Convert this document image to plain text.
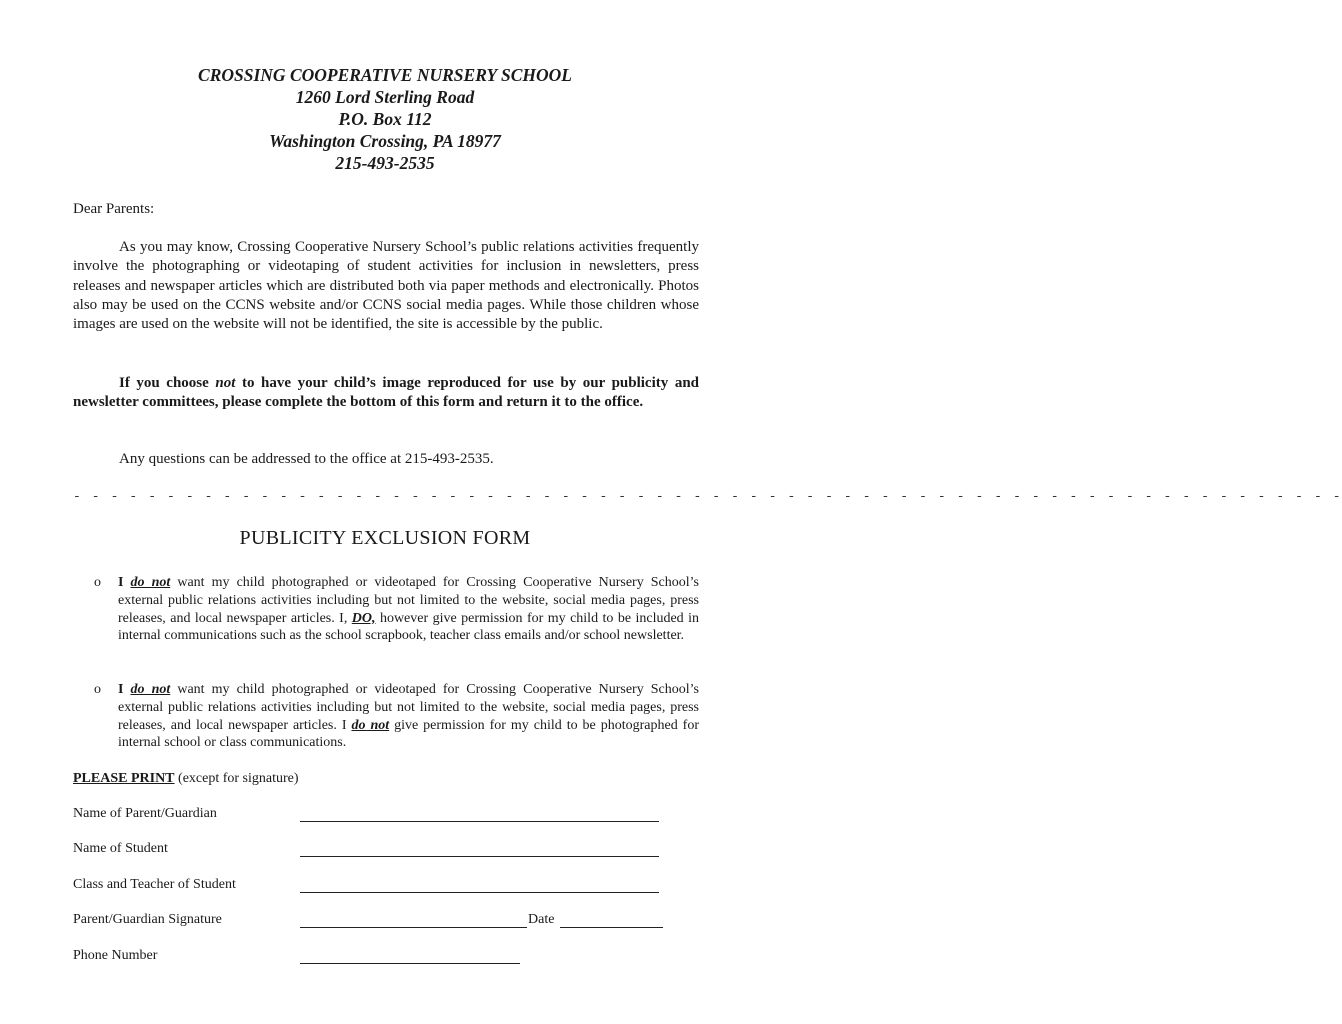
CROSSING COOPERATIVE NURSERY SCHOOL
1260 Lord Sterling Road
P.O. Box 112
Washington Crossing, PA 18977
215-493-2535
Dear Parents:
As you may know, Crossing Cooperative Nursery School’s public relations activities frequently involve the photographing or videotaping of student activities for inclusion in newsletters, press releases and newspaper articles which are distributed both via paper methods and electronically. Photos also may be used on the CCNS website and/or CCNS social media pages. While those children whose images are used on the website will not be identified, the site is accessible by the public.
If you choose not to have your child’s image reproduced for use by our publicity and newsletter committees, please complete the bottom of this form and return it to the office.
Any questions can be addressed to the office at 215-493-2535.
- - - - - - - - - - - - - - - - - - - - - - - - - - - - - - - - - - - - - - - - - - - - - - - - - - - - - - - - - - - - - - - - - - - -
PUBLICITY EXCLUSION FORM
o I do not want my child photographed or videotaped for Crossing Cooperative Nursery School’s external public relations activities including but not limited to the website, social media pages, press releases, and local newspaper articles. I, DO, however give permission for my child to be included in internal communications such as the school scrapbook, teacher class emails and/or school newsletter.
o I do not want my child photographed or videotaped for Crossing Cooperative Nursery School’s external public relations activities including but not limited to the website, social media pages, press releases, and local newspaper articles. I do not give permission for my child to be photographed for internal school or class communications.
PLEASE PRINT (except for signature)
Name of Parent/Guardian
Name of Student
Class and Teacher of Student
Parent/Guardian Signature	Date
Phone Number
